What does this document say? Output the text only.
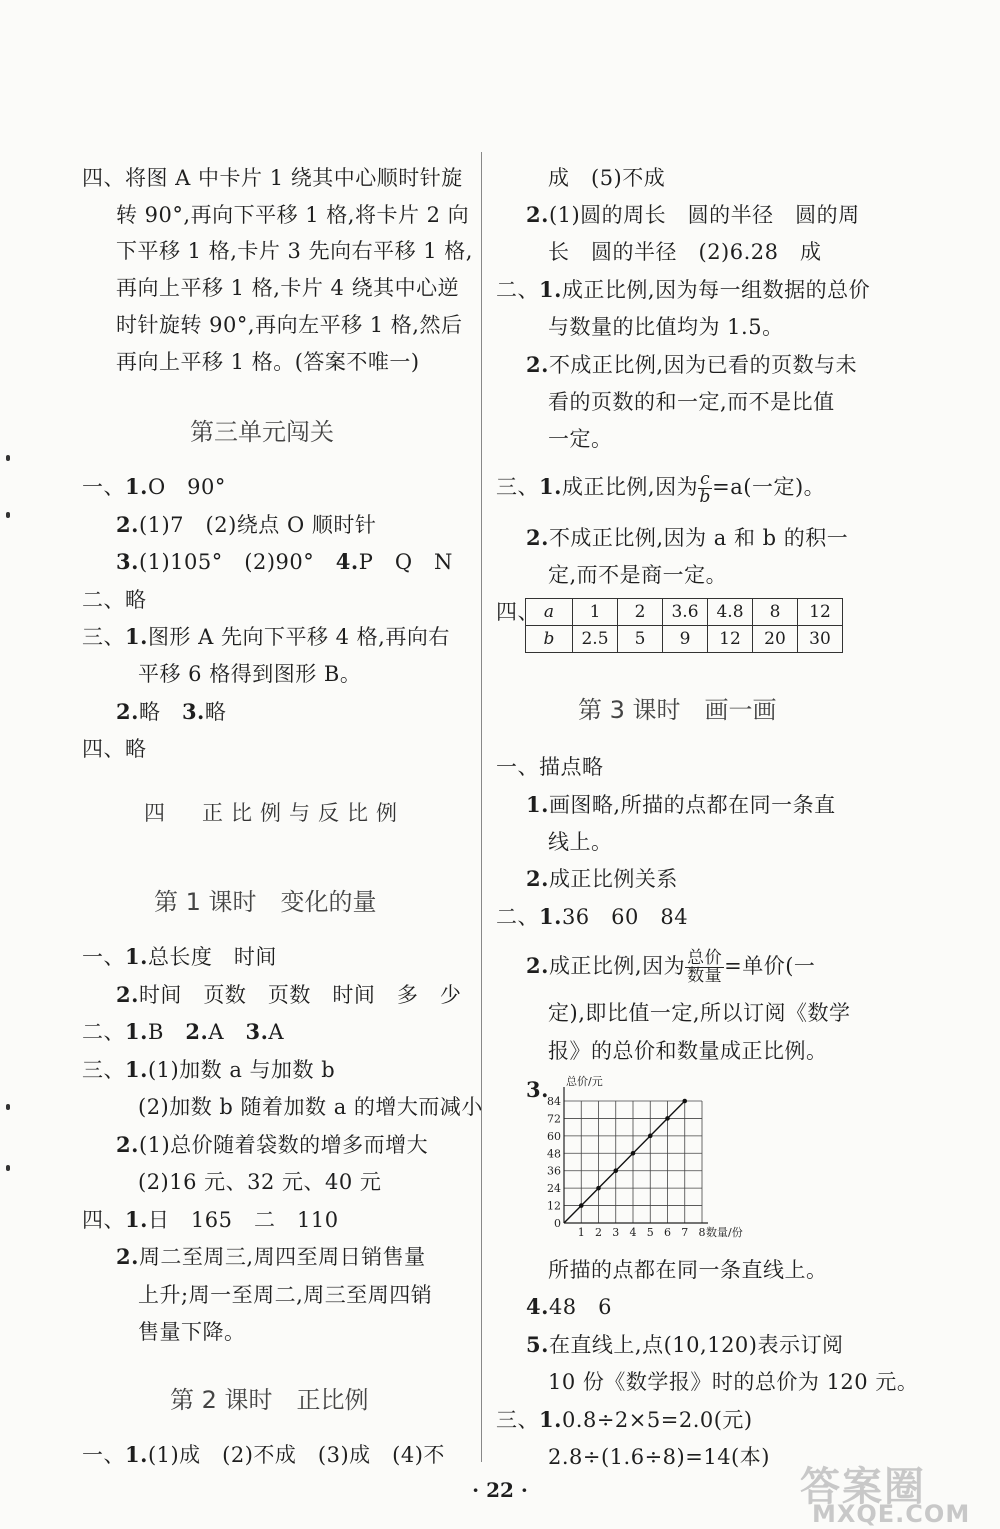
四、将图 A 中卡片 1 绕其中心顺时针旋
转 90°,再向下平移 1 格,将卡片 2 向
下平移 1 格,卡片 3 先向右平移 1 格,
再向上平移 1 格,卡片 4 绕其中心逆
时针旋转 90°,再向左平移 1 格,然后
再向上平移 1 格。(答案不唯一)
第三单元闯关
一、1.O　90°
2.(1)7　(2)绕点 O 顺时针
3.(1)105°　(2)90°　 4.P　Q　N
二、略
三、1.图形 A 先向下平移 4 格,再向右
平移 6 格得到图形 B。
2.略　 3.略
四、略
四　正比例与反比例
第 1 课时　变化的量
一、1.总长度　时间
2.时间　页数　页数　时间　多　少
二、1.B　 2.A　 3.A
三、1.(1)加数 a 与加数 b
(2)加数 b 随着加数 a 的增大而减小
2.(1)总价随着袋数的增多而增大
(2)16 元、32 元、40 元
四、1.日　165　二　110
2.周二至周三,周四至周日销售量
上升;周一至周二,周三至周四销
售量下降。
第 2 课时　正比例
一、1.(1)成　(2)不成　(3)成　(4)不
成　(5)不成
2.(1)圆的周长　圆的半径　圆的周
长　圆的半径　(2)6.28　成
二、1.成正比例,因为每一组数据的总价
与数量的比值均为 1.5。
2.不成正比例,因为已看的页数与未
看的页数的和一定,而不是比值
一定。
三、1.成正比例,因为 $\frac{c}{b} =a$(一定)。
2.不成正比例,因为 a 和 b 的积一
定,而不是商一定。
四、
第 3 课时　画一画
一、描点略
1.画图略,所描的点都在同一条直
线上。
2.成正比例关系
二、1.36　60　84
2.成正比例,因为 $\frac{\text{总价}}{\text{数量}}$ =单价(一
定),即比值一定,所以订阅《数学
报》的总价和数量成正比例。
3.
所描的点都在同一条直线上。
4.48　6
5.在直线上,点(10,120)表示订阅
10 份《数学报》时的总价为 120 元。
三、1.0.8÷2×5=2.0(元)
2.8÷(1.6÷8)=14(本)
a	1	2	3.6	4.8	8	12
b	2.5	5	9	12	20	30
12
24
36
48
60
72
84
1 2 3 4 5 6 7 8
0
总价/元
数量/份
· 22 ·	答案圈
MXQE.COM
